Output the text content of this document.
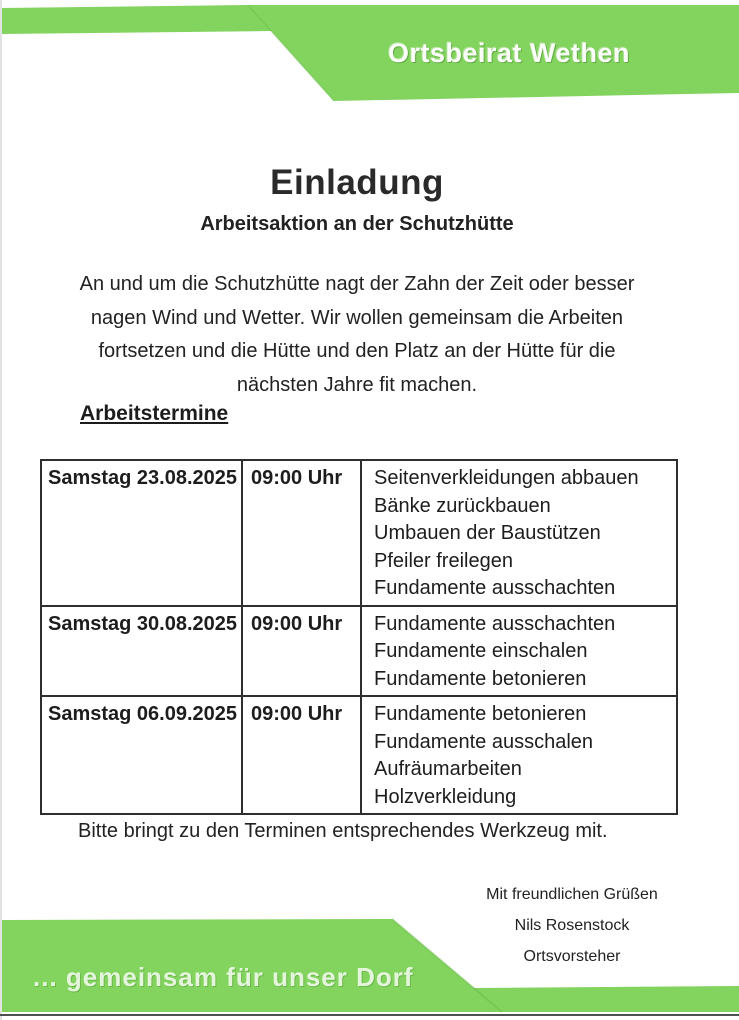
Ortsbeirat Wethen
Einladung
Arbeitsaktion an der Schutzhütte
An und um die Schutzhütte nagt der Zahn der Zeit oder besser
nagen Wind und Wetter. Wir wollen gemeinsam die Arbeiten
fortsetzen und die Hütte und den Platz an der Hütte für die
nächsten Jahre fit machen.
Arbeitstermine
Samstag 23.08.2025	09:00 Uhr	Seitenverkleidungen abbauen
Bänke zurückbauen
Umbauen der Baustützen
Pfeiler freilegen
Fundamente ausschachten

Samstag 30.08.2025	09:00 Uhr	Fundamente ausschachten
Fundamente einschalen
Fundamente betonieren

Samstag 06.09.2025	09:00 Uhr	Fundamente betonieren
Fundamente ausschalen
Aufräumarbeiten
Holzverkleidung
Bitte bringt zu den Terminen entsprechendes Werkzeug mit.
Mit freundlichen Grüßen
Nils Rosenstock
Ortsvorsteher
... gemeinsam für unser Dorf
